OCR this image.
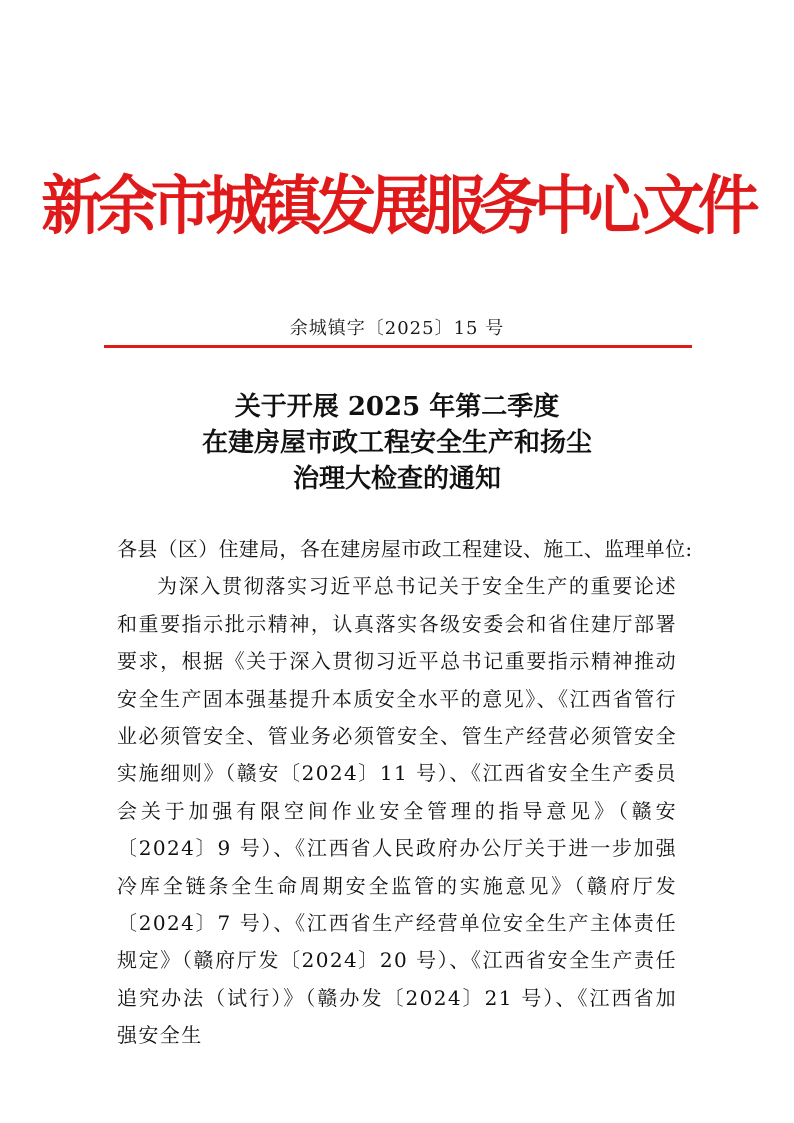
新余市城镇发展服务中心文件
余城镇字〔2025〕15 号
关于开展 2025 年第二季度
在建房屋市政工程安全生产和扬尘
治理大检查的通知

各县（区）住建局，各在建房屋市政工程建设、施工、监理单位:

为深入贯彻落实习近平总书记关于安全生产的重要论述和重要指示批示精神，认真落实各级安委会和省住建厅部署要求，根据《关于深入贯彻习近平总书记重要指示精神推动安全生产固本强基提升本质安全水平的意见》、《江西省管行业必须管安全、管业务必须管安全、管生产经营必须管安全实施细则》（赣安〔2024〕11 号）、《江西省安全生产委员会关于加强有限空间作业安全管理的指导意见》（赣安〔2024〕9 号）、《江西省人民政府办公厅关于进一步加强冷库全链条全生命周期安全监管的实施意见》（赣府厅发〔2024〕7 号）、《江西省生产经营单位安全生产主体责任规定》（赣府厅发〔2024〕20 号）、《江西省安全生产责任追究办法（试行）》（赣办发〔2024〕21 号）、《江西省加强安全生
